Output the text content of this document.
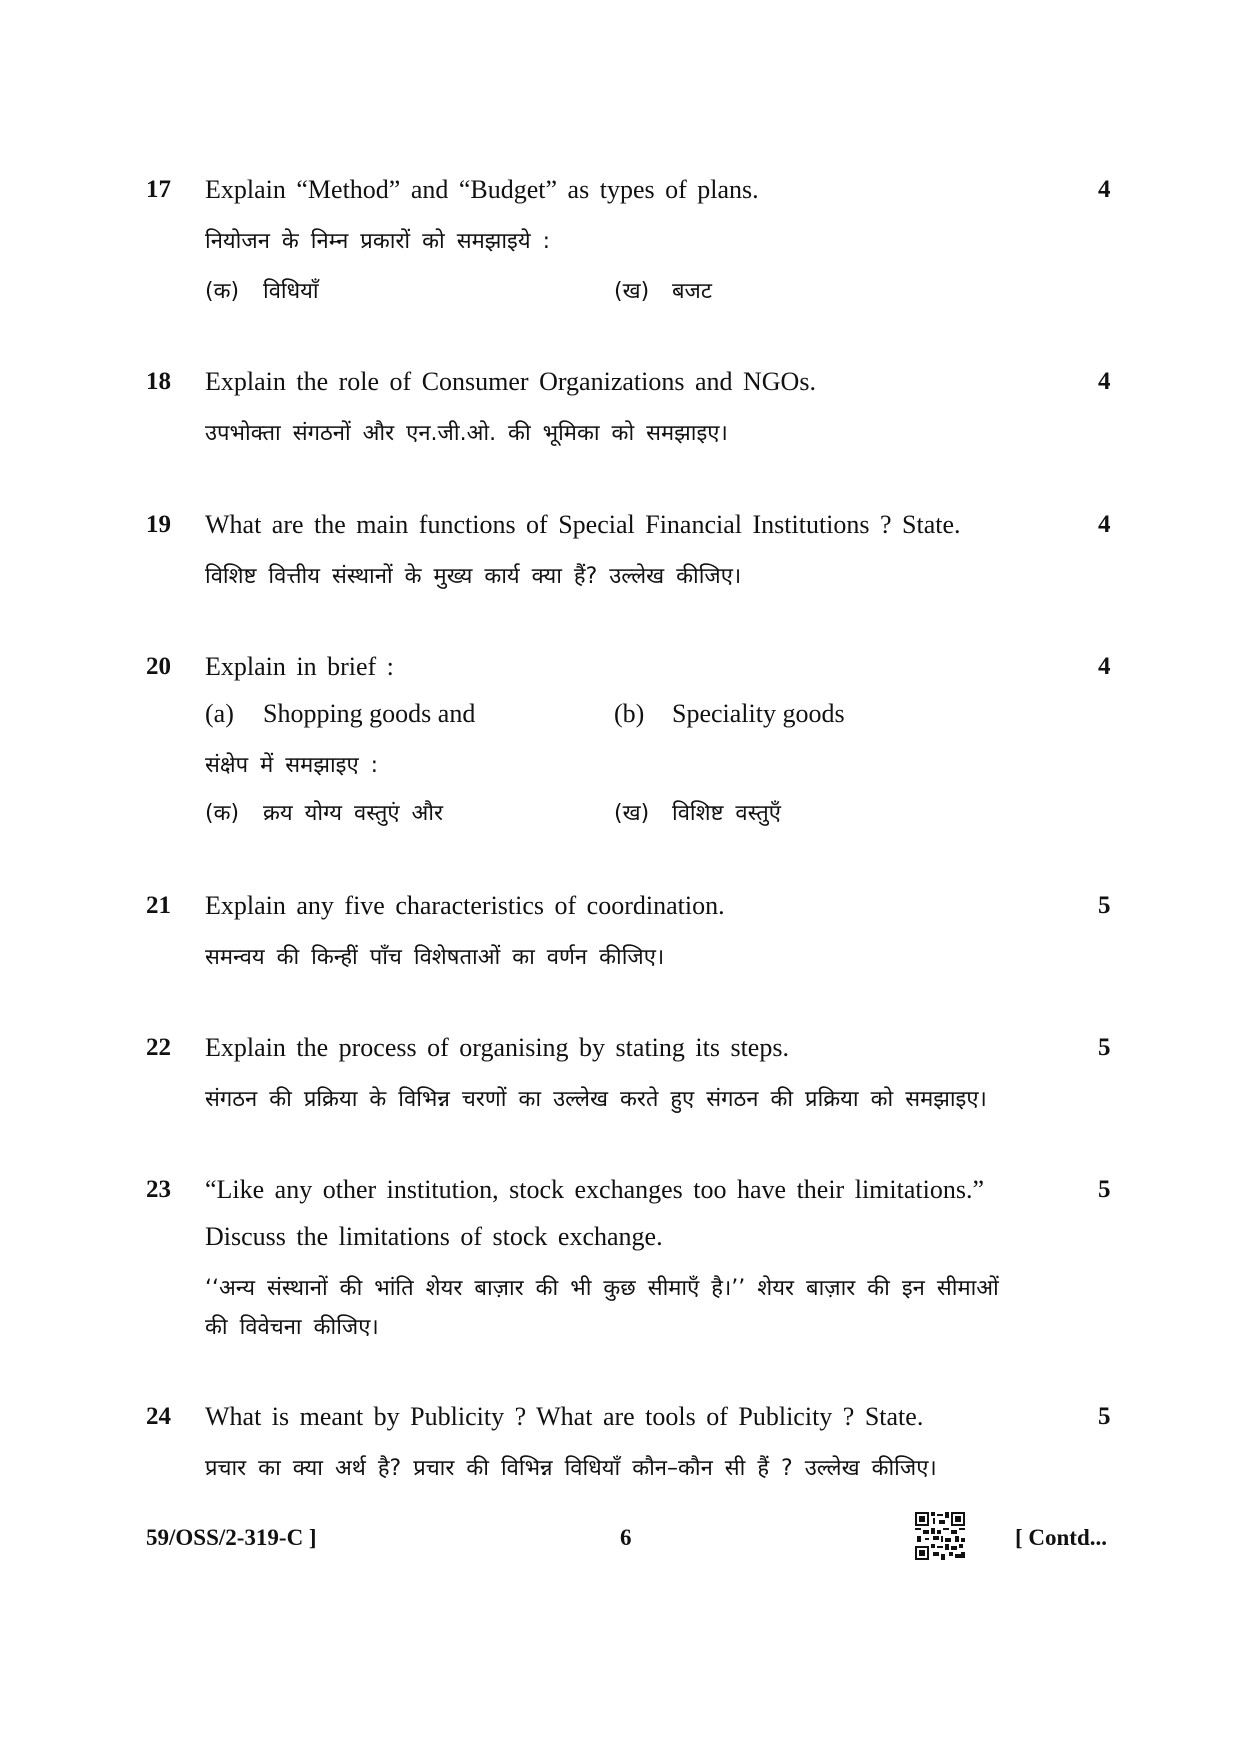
17 Explain “Method” and “Budget” as types of plans.	4
नियोजन के निम्न प्रकारों को समझाइये :
(क) विधियाँ	(ख) बजट
18 Explain the role of Consumer Organizations and NGOs.	4
उपभोक्ता संगठनों और एन.जी.ओ. की भूमिका को समझाइए।
19 What are the main functions of Special Financial Institutions ? State.	4
विशिष्ट वित्तीय संस्थानों के मुख्य कार्य क्या हैं? उल्लेख कीजिए।
20 Explain in brief :	4
(a) Shopping goods and	(b) Speciality goods
संक्षेप में समझाइए :
(क) क्रय योग्य वस्तुएं और	(ख) विशिष्ट वस्तुएँ
21 Explain any five characteristics of coordination.	5
समन्वय की किन्हीं पाँच विशेषताओं का वर्णन कीजिए।
22 Explain the process of organising by stating its steps.	5
संगठन की प्रक्रिया के विभिन्न चरणों का उल्लेख करते हुए संगठन की प्रक्रिया को समझाइए।
23 “Like any other institution, stock exchanges too have their limitations.”	5
Discuss the limitations of stock exchange.
‘‘अन्य संस्थानों की भांति शेयर बाज़ार की भी कुछ सीमाएँ है।’’ शेयर बाज़ार की इन सीमाओं
की विवेचना कीजिए।
24 What is meant by Publicity ? What are tools of Publicity ? State.	5
प्रचार का क्या अर्थ है? प्रचार की विभिन्न विधियाँ कौन–कौन सी हैं ? उल्लेख कीजिए।
59/OSS/2-319-C ]	6	[ Contd...
